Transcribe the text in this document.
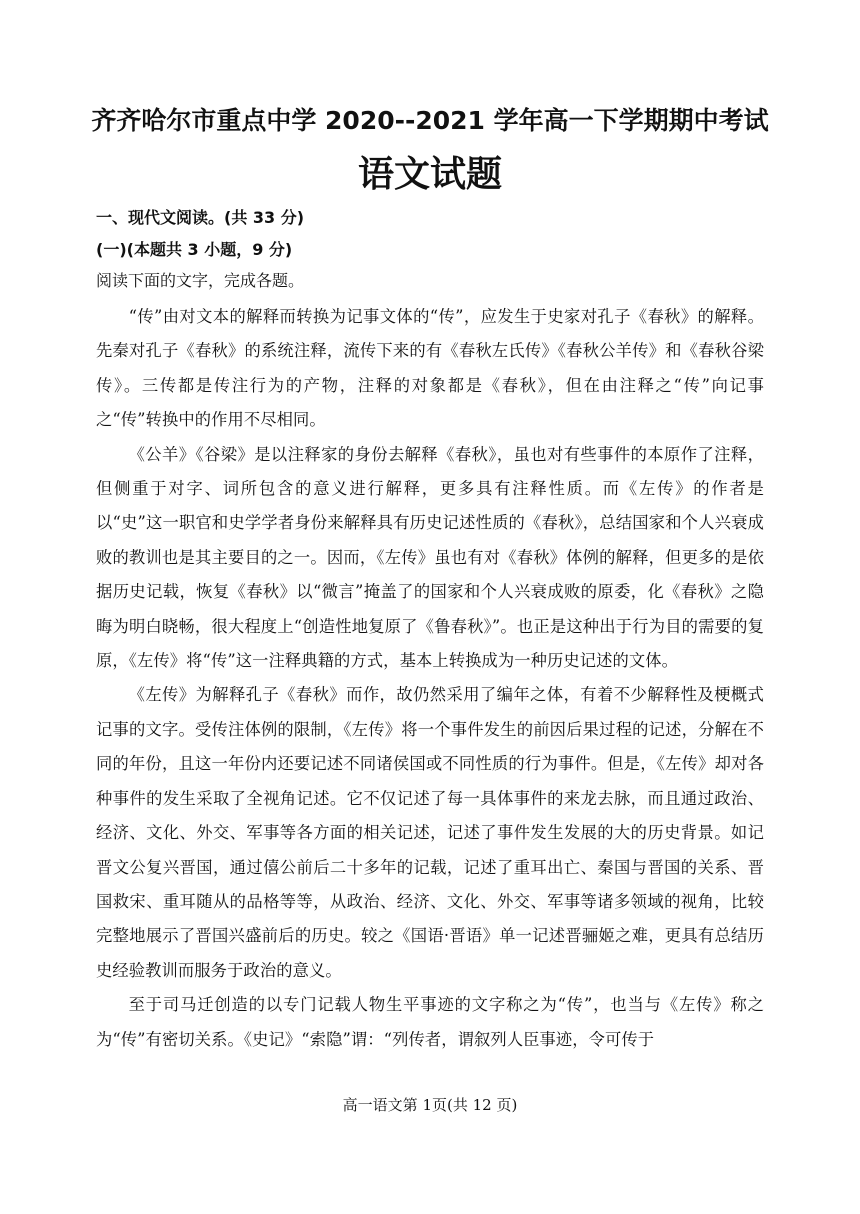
齐齐哈尔市重点中学 2020--2021 学年高一下学期期中考试
语文试题
一、现代文阅读。(共 33 分)
(一)(本题共 3 小题，9 分)
阅读下面的文字，完成各题。

“传”由对文本的解释而转换为记事文体的“传”，应发生于史家对孔子《春秋》的解释。先秦对孔子《春秋》的系统注释，流传下来的有《春秋左氏传》《春秋公羊传》和《春秋谷梁传》。三传都是传注行为的产物，注释的对象都是《春秋》，但在由注释之“传”向记事之“传”转换中的作用不尽相同。

《公羊》《谷梁》是以注释家的身份去解释《春秋》，虽也对有些事件的本原作了注释，但侧重于对字、词所包含的意义进行解释，更多具有注释性质。而《左传》的作者是以“史”这一职官和史学学者身份来解释具有历史记述性质的《春秋》，总结国家和个人兴衰成败的教训也是其主要目的之一。因而，《左传》虽也有对《春秋》体例的解释，但更多的是依据历史记载，恢复《春秋》以“微言”掩盖了的国家和个人兴衰成败的原委，化《春秋》之隐晦为明白晓畅，很大程度上“创造性地复原了《鲁春秋》”。也正是这种出于行为目的需要的复原，《左传》将“传”这一注释典籍的方式，基本上转换成为一种历史记述的文体。

《左传》为解释孔子《春秋》而作，故仍然采用了编年之体，有着不少解释性及梗概式记事的文字。受传注体例的限制，《左传》将一个事件发生的前因后果过程的记述，分解在不同的年份，且这一年份内还要记述不同诸侯国或不同性质的行为事件。但是，《左传》却对各种事件的发生采取了全视角记述。它不仅记述了每一具体事件的来龙去脉，而且通过政治、经济、文化、外交、军事等各方面的相关记述，记述了事件发生发展的大的历史背景。如记晋文公复兴晋国，通过僖公前后二十多年的记载，记述了重耳出亡、秦国与晋国的关系、晋国救宋、重耳随从的品格等等，从政治、经济、文化、外交、军事等诸多领域的视角，比较完整地展示了晋国兴盛前后的历史。较之《国语·晋语》单一记述晋骊姬之难，更具有总结历史经验教训而服务于政治的意义。

至于司马迁创造的以专门记载人物生平事迹的文字称之为“传”，也当与《左传》称之为“传”有密切关系。《史记》“索隐”谓：“列传者，谓叙列人臣事迹，令可传于

高一语文第 1页(共 12 页)
